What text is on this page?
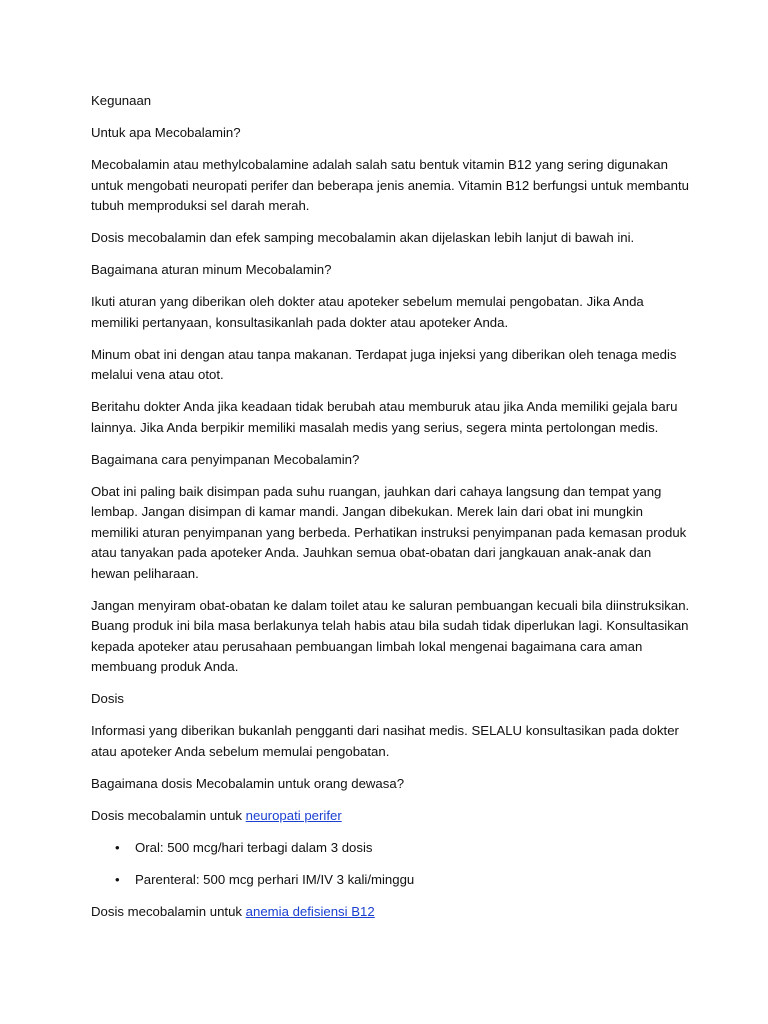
Kegunaan

Untuk apa Mecobalamin?

Mecobalamin atau methylcobalamine adalah salah satu bentuk vitamin B12 yang sering digunakan untuk mengobati neuropati perifer dan beberapa jenis anemia. Vitamin B12 berfungsi untuk membantu tubuh memproduksi sel darah merah.

Dosis mecobalamin dan efek samping mecobalamin akan dijelaskan lebih lanjut di bawah ini.

Bagaimana aturan minum Mecobalamin?

Ikuti aturan yang diberikan oleh dokter atau apoteker sebelum memulai pengobatan. Jika Anda memiliki pertanyaan, konsultasikanlah pada dokter atau apoteker Anda.

Minum obat ini dengan atau tanpa makanan. Terdapat juga injeksi yang diberikan oleh tenaga medis melalui vena atau otot.

Beritahu dokter Anda jika keadaan tidak berubah atau memburuk atau jika Anda memiliki gejala baru lainnya. Jika Anda berpikir memiliki masalah medis yang serius, segera minta pertolongan medis.

Bagaimana cara penyimpanan Mecobalamin?

Obat ini paling baik disimpan pada suhu ruangan, jauhkan dari cahaya langsung dan tempat yang lembap. Jangan disimpan di kamar mandi. Jangan dibekukan. Merek lain dari obat ini mungkin memiliki aturan penyimpanan yang berbeda. Perhatikan instruksi penyimpanan pada kemasan produk atau tanyakan pada apoteker Anda. Jauhkan semua obat-obatan dari jangkauan anak-anak dan hewan peliharaan.

Jangan menyiram obat-obatan ke dalam toilet atau ke saluran pembuangan kecuali bila diinstruksikan. Buang produk ini bila masa berlakunya telah habis atau bila sudah tidak diperlukan lagi. Konsultasikan kepada apoteker atau perusahaan pembuangan limbah lokal mengenai bagaimana cara aman membuang produk Anda.

Dosis

Informasi yang diberikan bukanlah pengganti dari nasihat medis. SELALU konsultasikan pada dokter atau apoteker Anda sebelum memulai pengobatan.

Bagaimana dosis Mecobalamin untuk orang dewasa?

Dosis mecobalamin untuk neuropati perifer

• Oral: 500 mcg/hari terbagi dalam 3 dosis
• Parenteral: 500 mcg perhari IM/IV 3 kali/minggu

Dosis mecobalamin untuk anemia defisiensi B12
